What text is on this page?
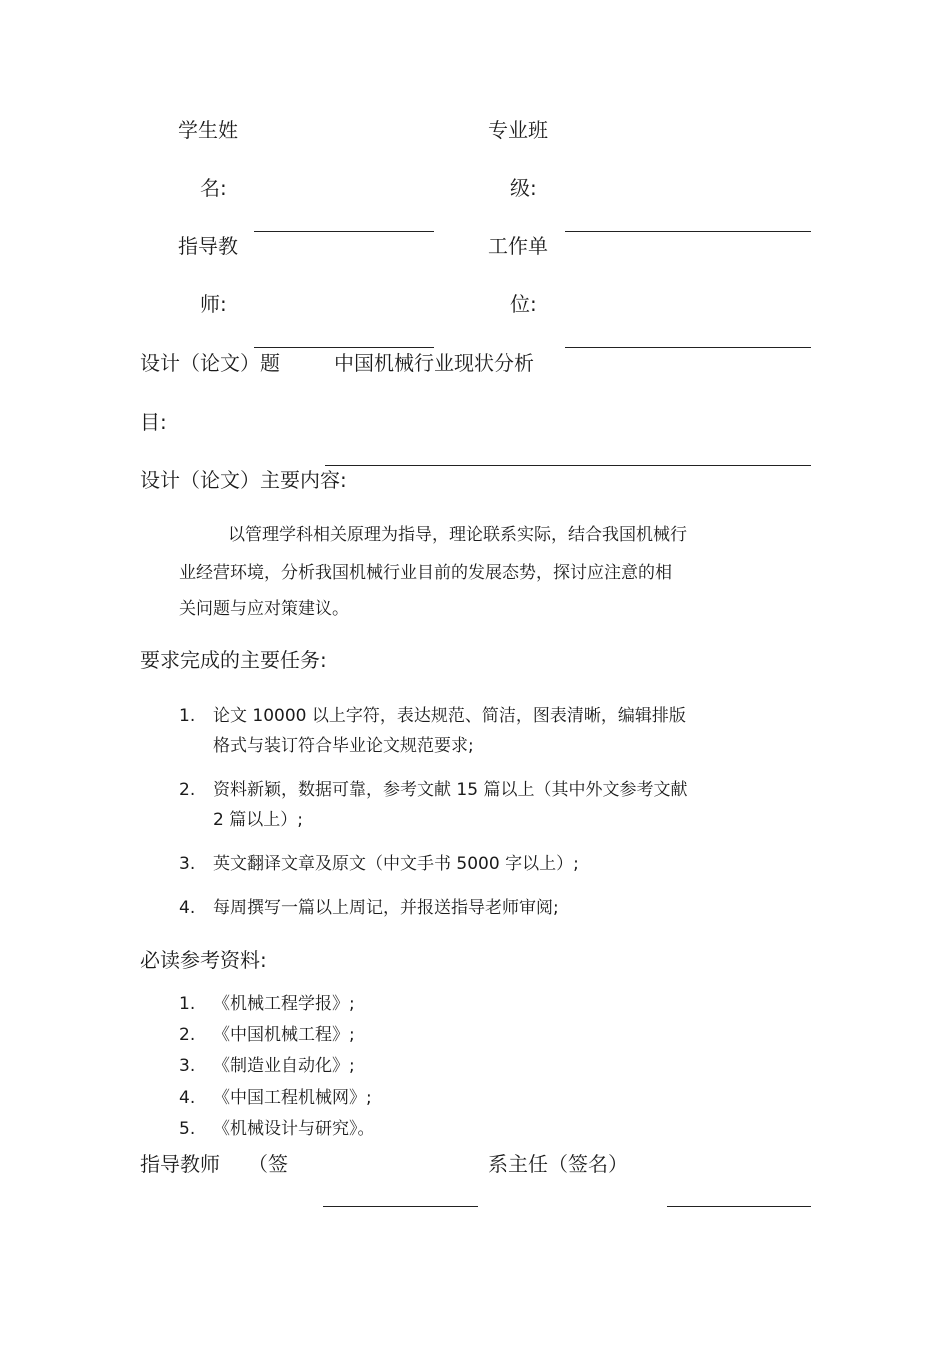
学生姓
名:
专业班
级:
指导教
师:
工作单
位:
设计（论文）题	中国机械行业现状分析
目:
设计（论文）主要内容:
以管理学科相关原理为指导，理论联系实际，结合我国机械行
业经营环境，分析我国机械行业目前的发展态势，探讨应注意的相
关问题与应对策建议。
要求完成的主要任务:
1. 论文 10000 以上字符，表达规范、简洁，图表清晰，编辑排版
格式与装订符合毕业论文规范要求;
2. 资料新颖，数据可靠，参考文献 15 篇以上（其中外文参考文献
2 篇以上）;
3. 英文翻译文章及原文（中文手书 5000 字以上）;
4. 每周撰写一篇以上周记，并报送指导老师审阅;
必读参考资料:
1. 《机械工程学报》;
2. 《中国机械工程》;
3. 《制造业自动化》;
4. 《中国工程机械网》;
5. 《机械设计与研究》。
指导教师 （签	系主任（签名）
